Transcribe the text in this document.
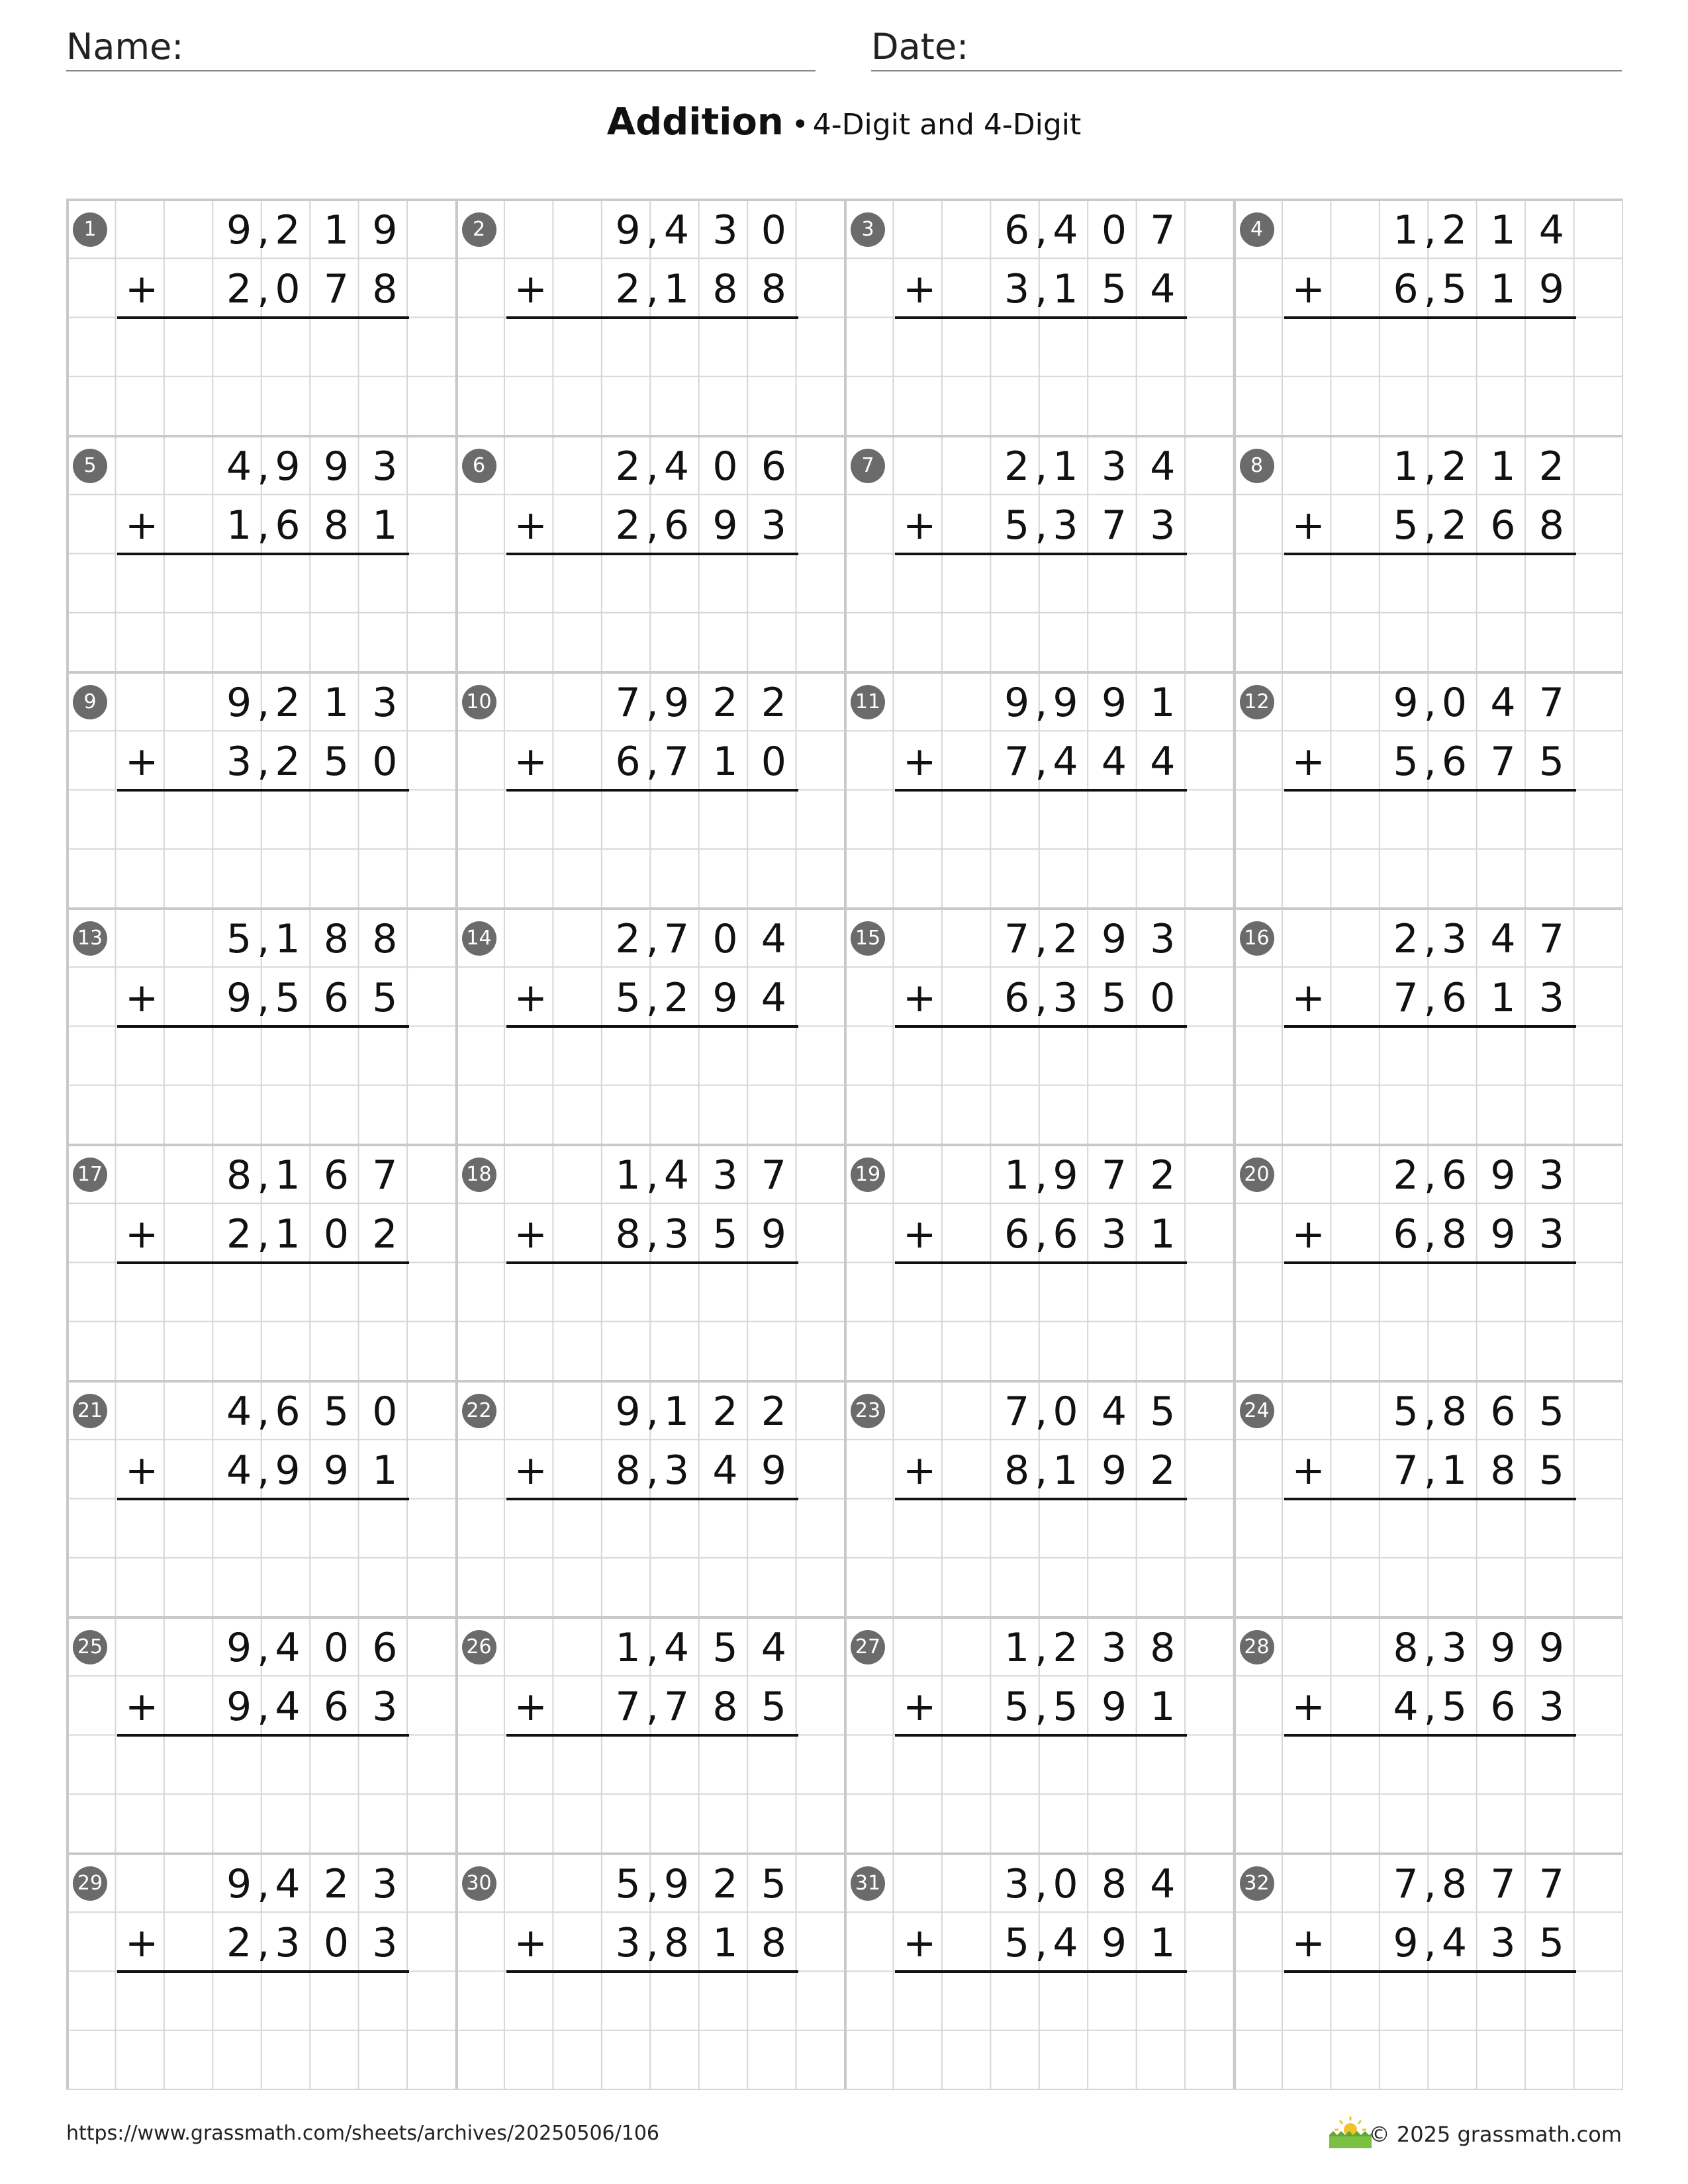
Name:	Date:
Addition • 4-Digit and 4-Digit
1	9 2 1 9
,
2 0 7 8
,
+
2	9 4 3 0
,
2 1 8 8
,
+
3	6 4 0 7
,
3 1 5 4
,
+
4	1 2 1 4
,
6 5 1 9
,
+
5	4 9 9 3
,
1 6 8 1
,
+
6	2 4 0 6
,
2 6 9 3
,
+
7	2 1 3 4
,
5 3 7 3
,
+
8	1 2 1 2
,
5 2 6 8
,
+
9	9 2 1 3
,
3 2 5 0
,
+
10	7 9 2 2
,
6 7 1 0
,
+
11	9 9 9 1
,
7 4 4 4
,
+
12	9 0 4 7
,
5 6 7 5
,
+
13	5 1 8 8
,
9 5 6 5
,
+
14	2 7 0 4
,
5 2 9 4
,
+
15	7 2 9 3
,
6 3 5 0
,
+
16	2 3 4 7
,
7 6 1 3
,
+
17	8 1 6 7
,
2 1 0 2
,
+
18	1 4 3 7
,
8 3 5 9
,
+
19	1 9 7 2
,
6 6 3 1
,
+
20	2 6 9 3
,
6 8 9 3
,
+
21	4 6 5 0
,
4 9 9 1
,
+
22	9 1 2 2
,
8 3 4 9
,
+
23	7 0 4 5
,
8 1 9 2
,
+
24	5 8 6 5
,
7 1 8 5
,
+
25	9 4 0 6
,
9 4 6 3
,
+
26	1 4 5 4
,
7 7 8 5
,
+
27	1 2 3 8
,
5 5 9 1
,
+
28	8 3 9 9
,
4 5 6 3
,
+
29	9 4 2 3
,
2 3 0 3
,
+
30	5 9 2 5
,
3 8 1 8
,
+
31	3 0 8 4
,
5 4 9 1
,
+
32	7 8 7 7
,
9 4 3 5
,
+
https://www.grassmath.com/sheets/archives/20250506/106	© 2025 grassmath.com
